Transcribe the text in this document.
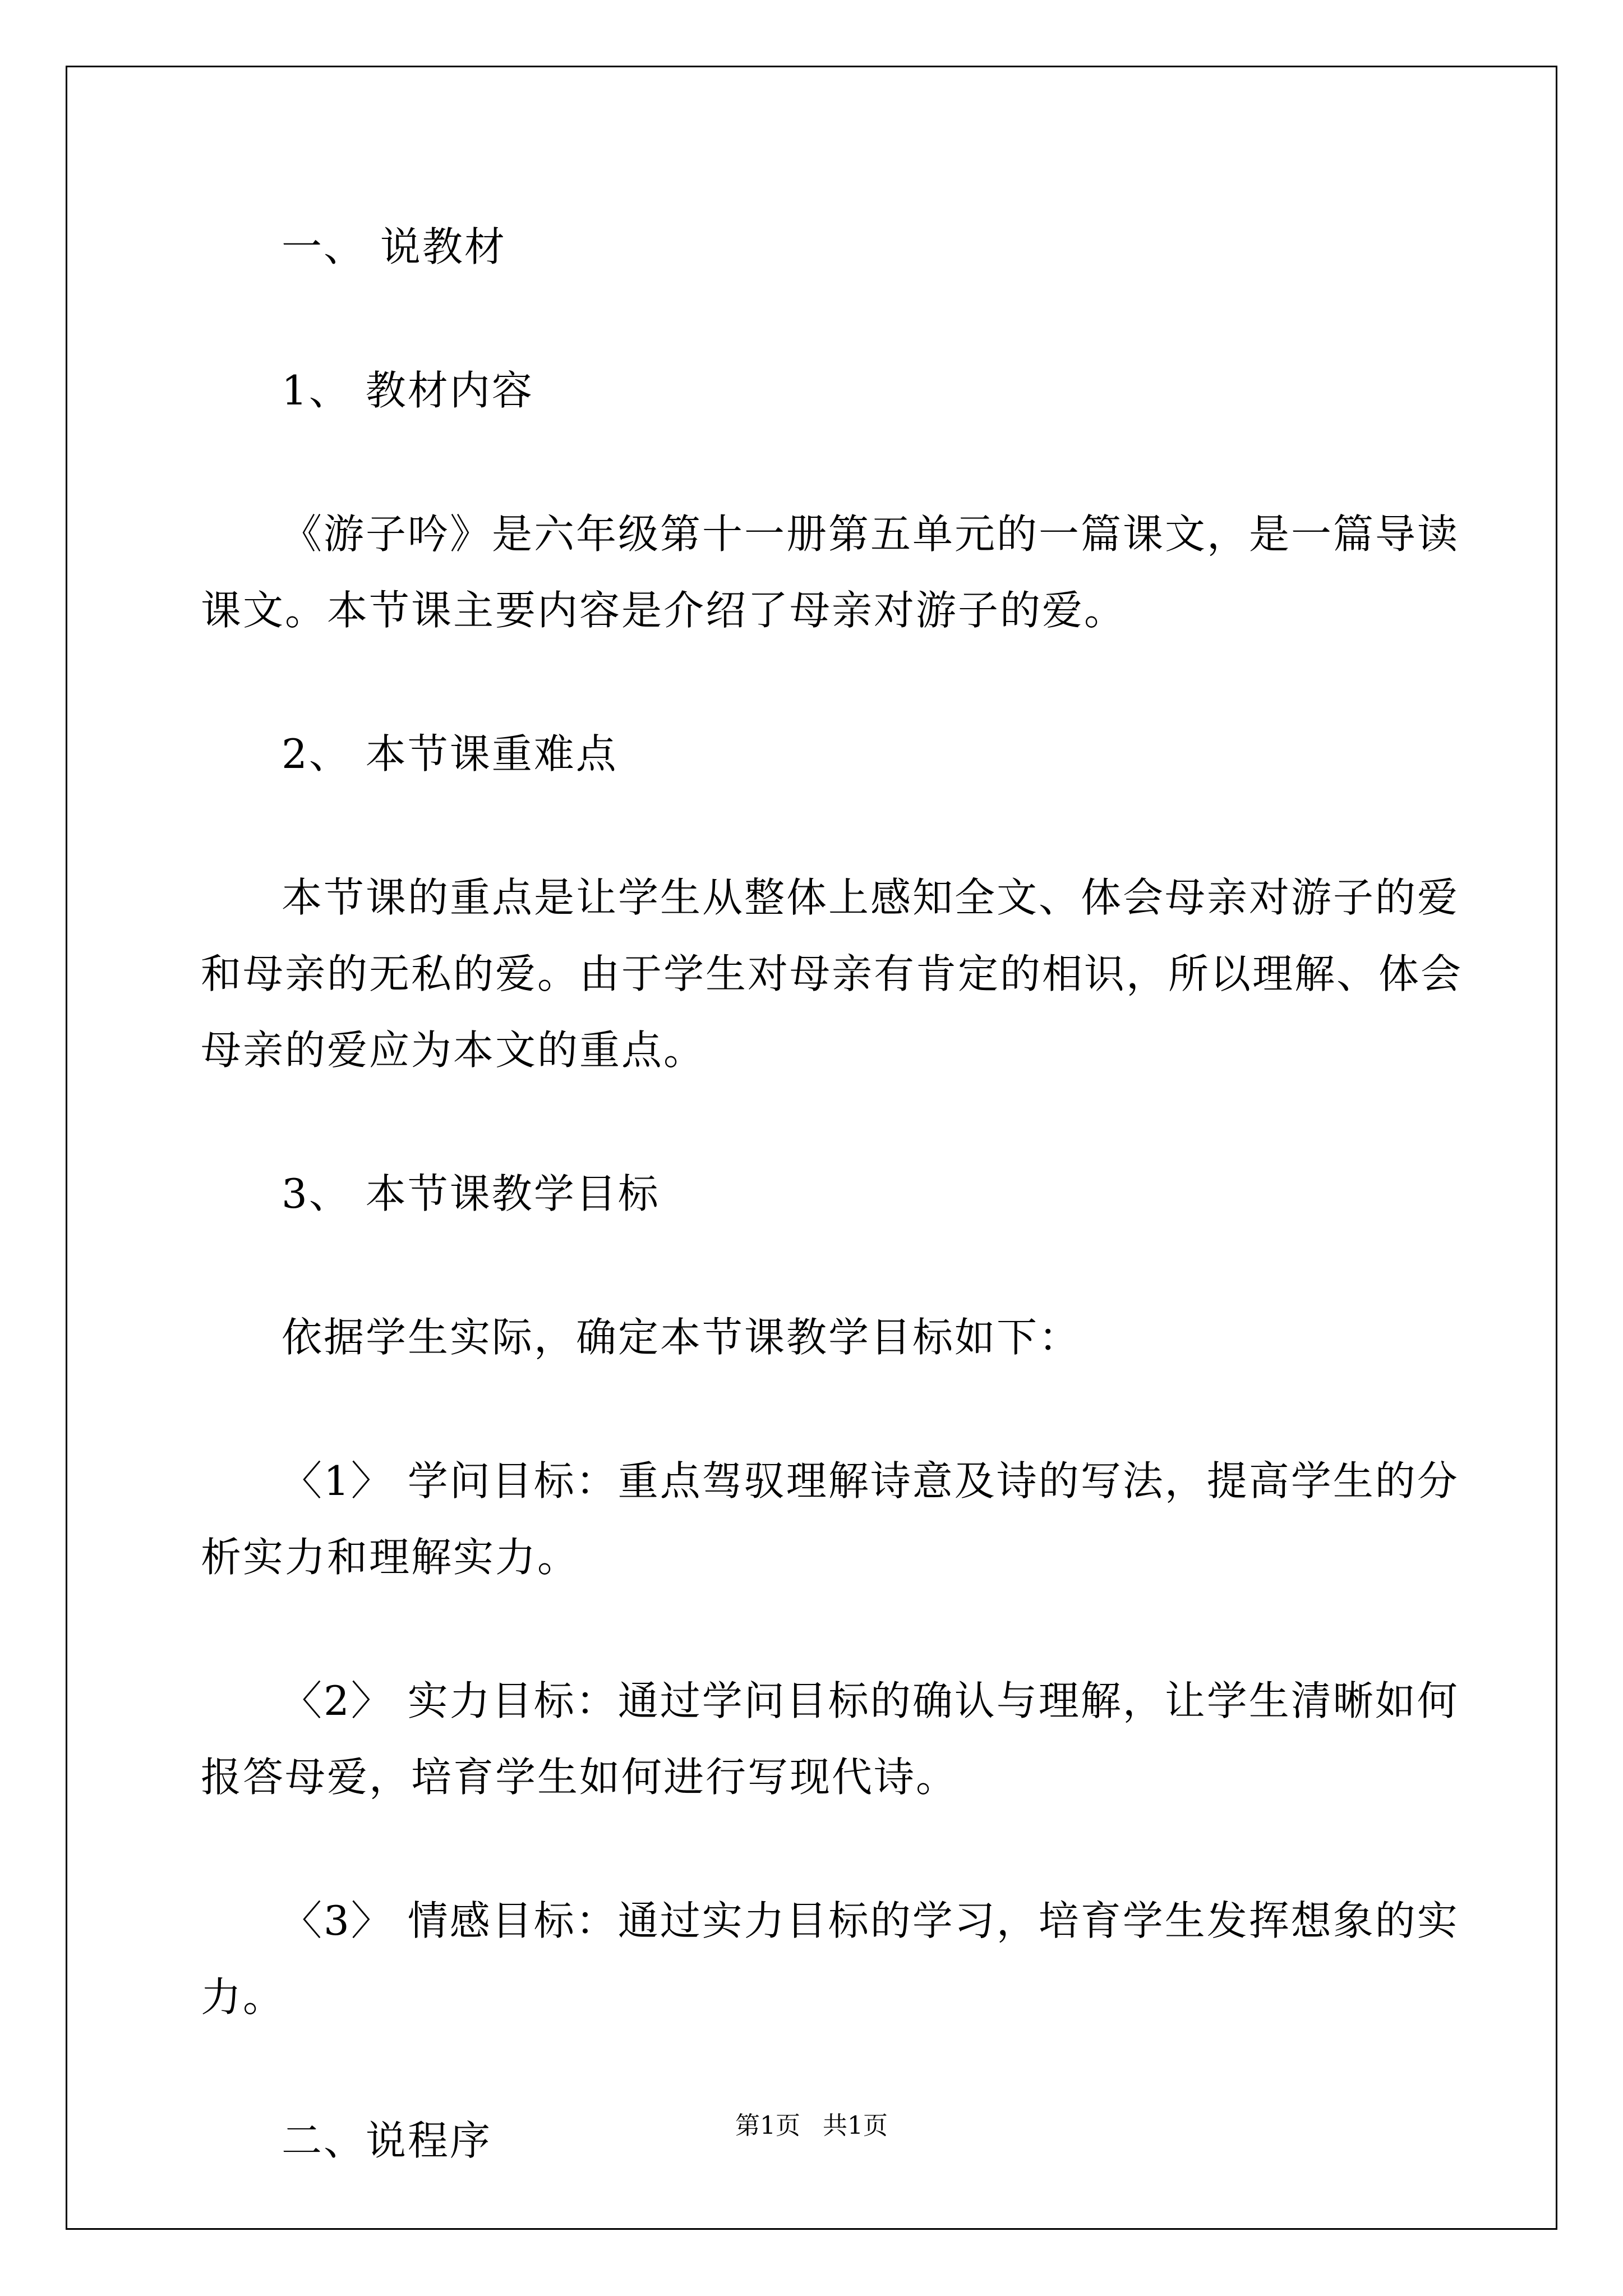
一、 说教材

1、 教材内容

《游子吟》是六年级第十一册第五单元的一篇课文，是一篇导读

课文。本节课主要内容是介绍了母亲对游子的爱。

2、 本节课重难点

本节课的重点是让学生从整体上感知全文、体会母亲对游子的爱

和母亲的无私的爱。由于学生对母亲有肯定的相识，所以理解、体会

母亲的爱应为本文的重点。

3、 本节课教学目标

依据学生实际，确定本节课教学目标如下：

〈1〉 学问目标：重点驾驭理解诗意及诗的写法，提高学生的分

析实力和理解实力。

〈2〉 实力目标：通过学问目标的确认与理解，让学生清晰如何

报答母爱，培育学生如何进行写现代诗。

〈3〉 情感目标：通过实力目标的学习，培育学生发挥想象的实

力。

二、说程序	第1页 共1页
